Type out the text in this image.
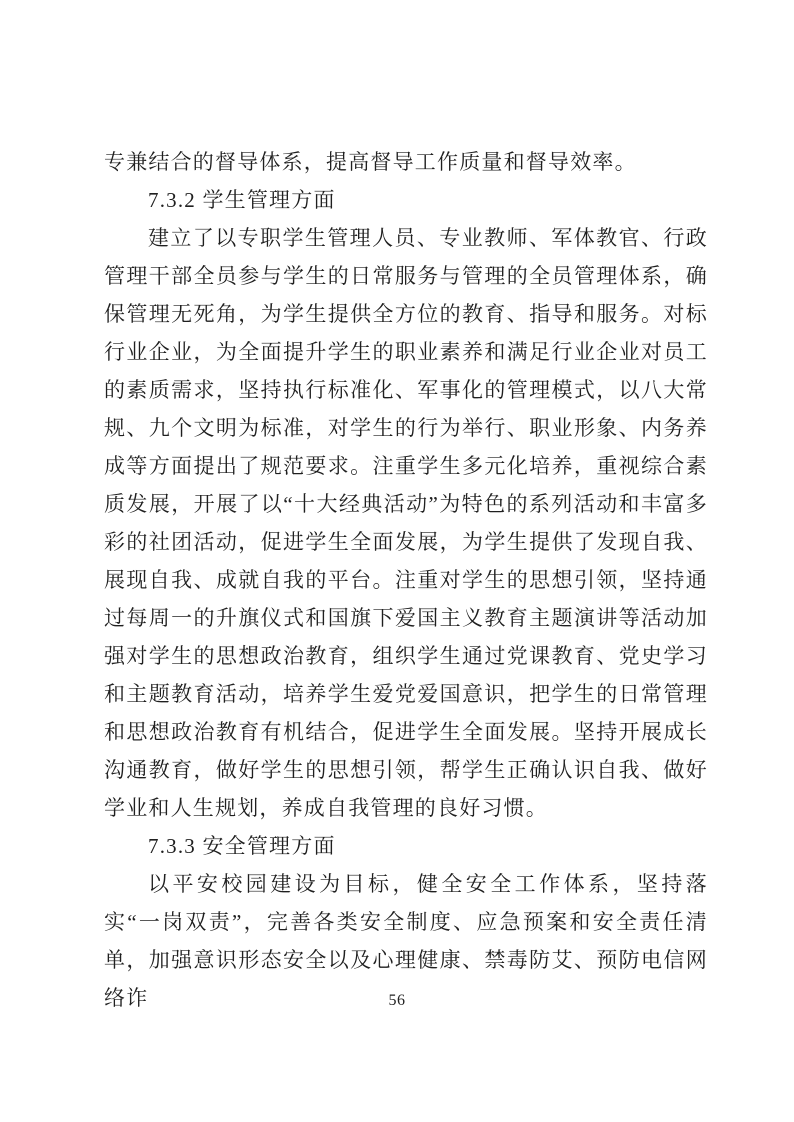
专兼结合的督导体系，提高督导工作质量和督导效率。

7.3.2 学生管理方面

建立了以专职学生管理人员、专业教师、军体教官、行政管理干部全员参与学生的日常服务与管理的全员管理体系，确保管理无死角，为学生提供全方位的教育、指导和服务。对标行业企业，为全面提升学生的职业素养和满足行业企业对员工的素质需求，坚持执行标准化、军事化的管理模式，以八大常规、九个文明为标准，对学生的行为举行、职业形象、内务养成等方面提出了规范要求。注重学生多元化培养，重视综合素质发展，开展了以“十大经典活动”为特色的系列活动和丰富多彩的社团活动，促进学生全面发展，为学生提供了发现自我、展现自我、成就自我的平台。注重对学生的思想引领，坚持通过每周一的升旗仪式和国旗下爱国主义教育主题演讲等活动加强对学生的思想政治教育，组织学生通过党课教育、党史学习和主题教育活动，培养学生爱党爱国意识，把学生的日常管理和思想政治教育有机结合，促进学生全面发展。坚持开展成长沟通教育，做好学生的思想引领，帮学生正确认识自我、做好学业和人生规划，养成自我管理的良好习惯。

7.3.3 安全管理方面

以平安校园建设为目标，健全安全工作体系，坚持落实“一岗双责”，完善各类安全制度、应急预案和安全责任清单，加强意识形态安全以及心理健康、禁毒防艾、预防电信网络诈	56
